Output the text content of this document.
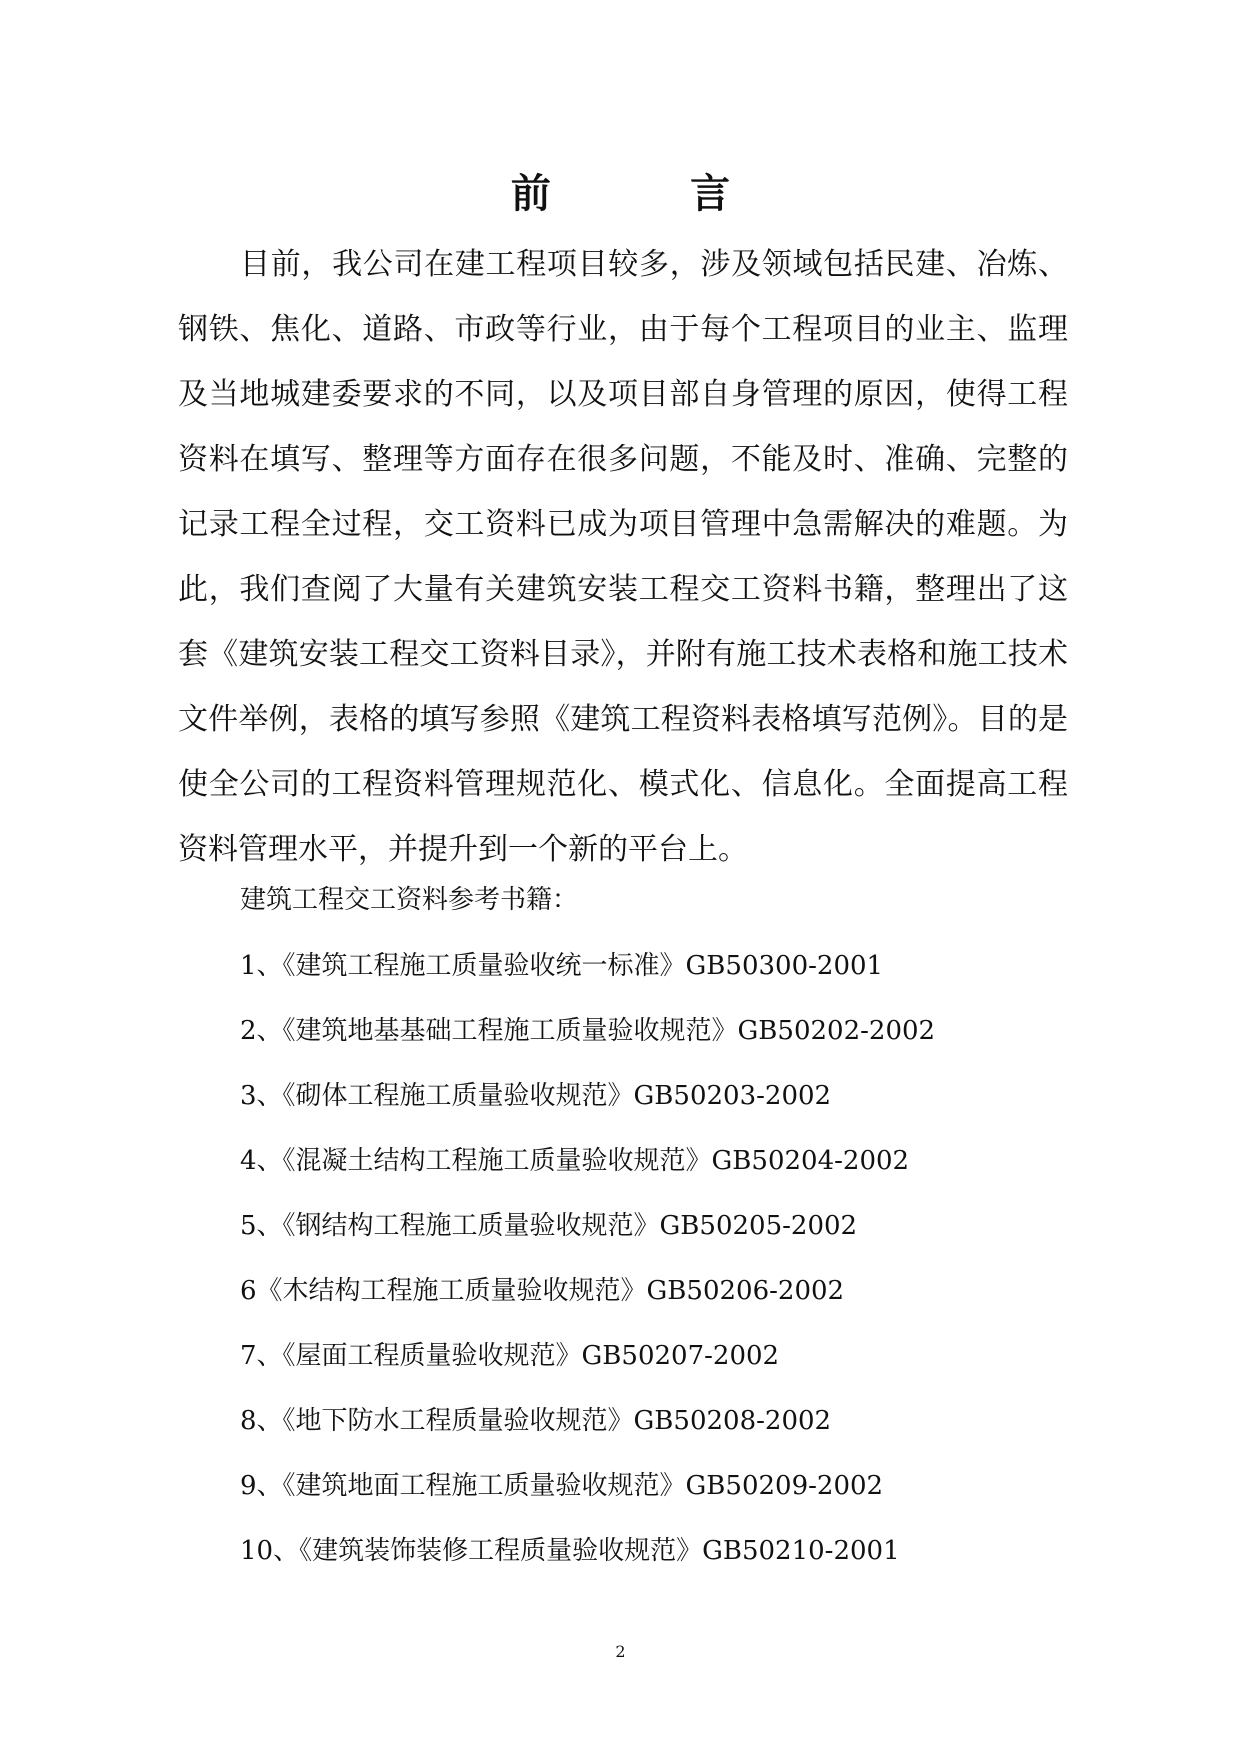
前          言

目前，我公司在建工程项目较多，涉及领域包括民建、冶炼、钢铁、焦化、道路、市政等行业，由于每个工程项目的业主、监理及当地城建委要求的不同，以及项目部自身管理的原因，使得工程资料在填写、整理等方面存在很多问题，不能及时、准确、完整的记录工程全过程，交工资料已成为项目管理中急需解决的难题。为此，我们查阅了大量有关建筑安装工程交工资料书籍，整理出了这套《建筑安装工程交工资料目录》，并附有施工技术表格和施工技术文件举例，表格的填写参照《建筑工程资料表格填写范例》。目的是使全公司的工程资料管理规范化、模式化、信息化。全面提高工程资料管理水平，并提升到一个新的平台上。

建筑工程交工资料参考书籍：

1、《建筑工程施工质量验收统一标准》GB50300-2001
2、《建筑地基基础工程施工质量验收规范》GB50202-2002
3、《砌体工程施工质量验收规范》GB50203-2002
4、《混凝土结构工程施工质量验收规范》GB50204-2002
5、《钢结构工程施工质量验收规范》GB50205-2002
6《木结构工程施工质量验收规范》GB50206-2002
7、《屋面工程质量验收规范》GB50207-2002
8、《地下防水工程质量验收规范》GB50208-2002
9、《建筑地面工程施工质量验收规范》GB50209-2002
10、《建筑装饰装修工程质量验收规范》GB50210-2001
2
